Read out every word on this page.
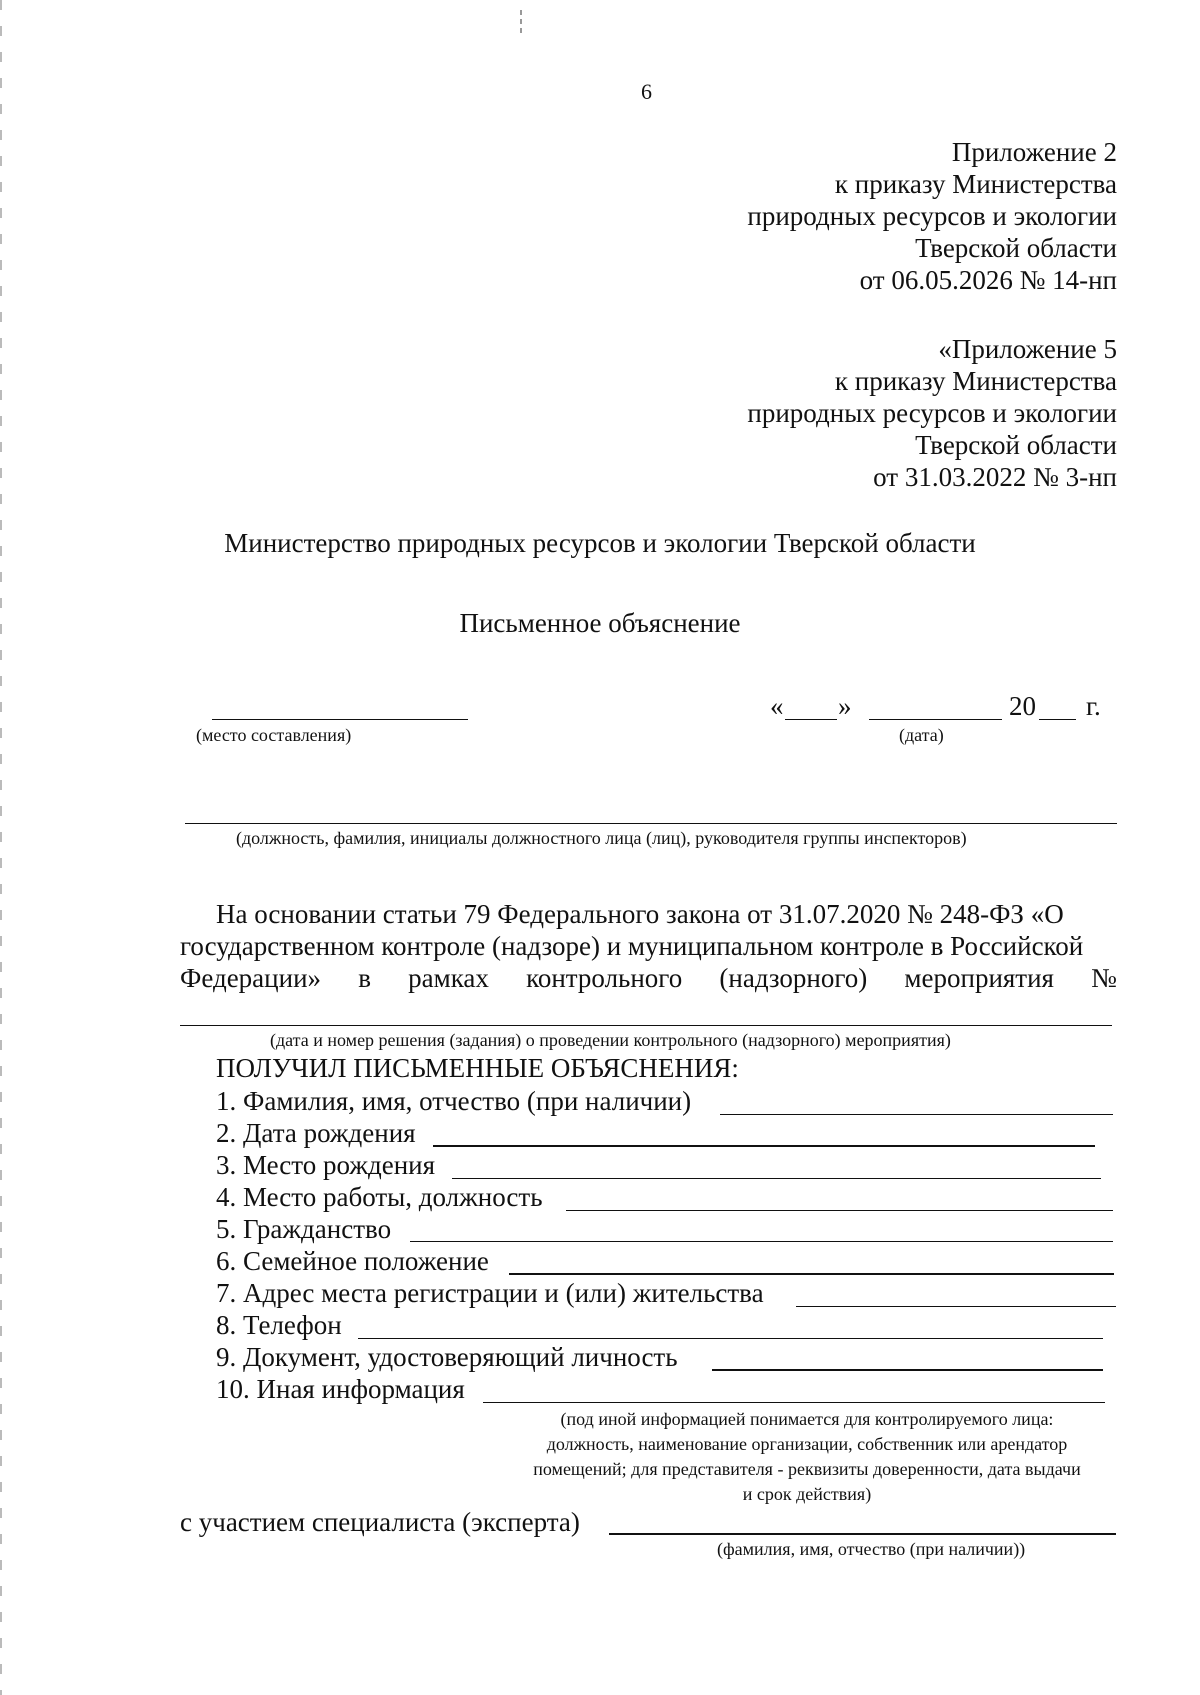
6
Приложение 2
к приказу Министерства
природных ресурсов и экологии
Тверской области
от 06.05.2026 № 14-нп
«Приложение 5
к приказу Министерства
природных ресурсов и экологии
Тверской области
от 31.03.2022 № 3-нп
Министерство природных ресурсов и экологии Тверской области
Письменное объяснение
(место составления)
« »	20 г.
(дата)
(должность, фамилия, инициалы должностного лица (лиц), руководителя группы инспекторов)
На основании статьи 79 Федерального закона от 31.07.2020 № 248-ФЗ «О
государственном контроле (надзоре) и муниципальном контроле в Российской
Федерации» в рамках контрольного (надзорного) мероприятия №
(дата и номер решения (задания) о проведении контрольного (надзорного) мероприятия)
ПОЛУЧИЛ ПИСЬМЕННЫЕ ОБЪЯСНЕНИЯ:
1. Фамилия, имя, отчество (при наличии)
2. Дата рождения
3. Место рождения
4. Место работы, должность
5. Гражданство
6. Семейное положение
7. Адрес места регистрации и (или) жительства
8. Телефон
9. Документ, удостоверяющий личность
10. Иная информация
(под иной информацией понимается для контролируемого лица:
должность, наименование организации, собственник или арендатор
помещений; для представителя - реквизиты доверенности, дата выдачи
и срок действия)
с участием специалиста (эксперта)
(фамилия, имя, отчество (при наличии))
